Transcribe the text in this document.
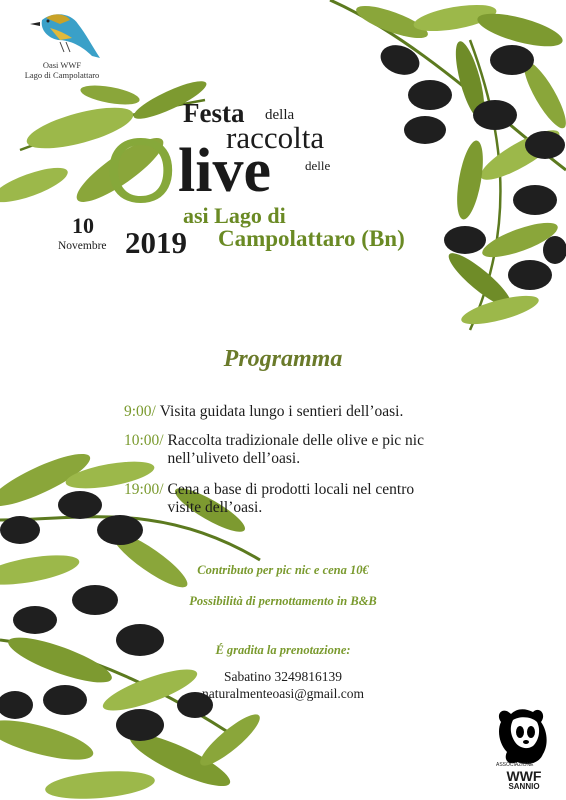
Oasi WWF
Lago di Campolattaro
Festa della
raccolta
delle
O live
asi Lago di
10
Novembre 2019 Campolattaro (Bn)
Programma
9:00/ Visita guidata lungo i sentieri dell’oasi.
10:00/ Raccolta tradizionale delle olive e pic nic
nell’uliveto dell’oasi.
19:00/ Cena a base di prodotti locali nel centro
visite dell’oasi.
Contributo per pic nic e cena 10€
Possibilità di pernottamento in B&B
É gradita la prenotazione:
Sabatino 3249816139
naturalmenteoasi@gmail.com
ASSOCIAZIONE
WWF
SANNIO
